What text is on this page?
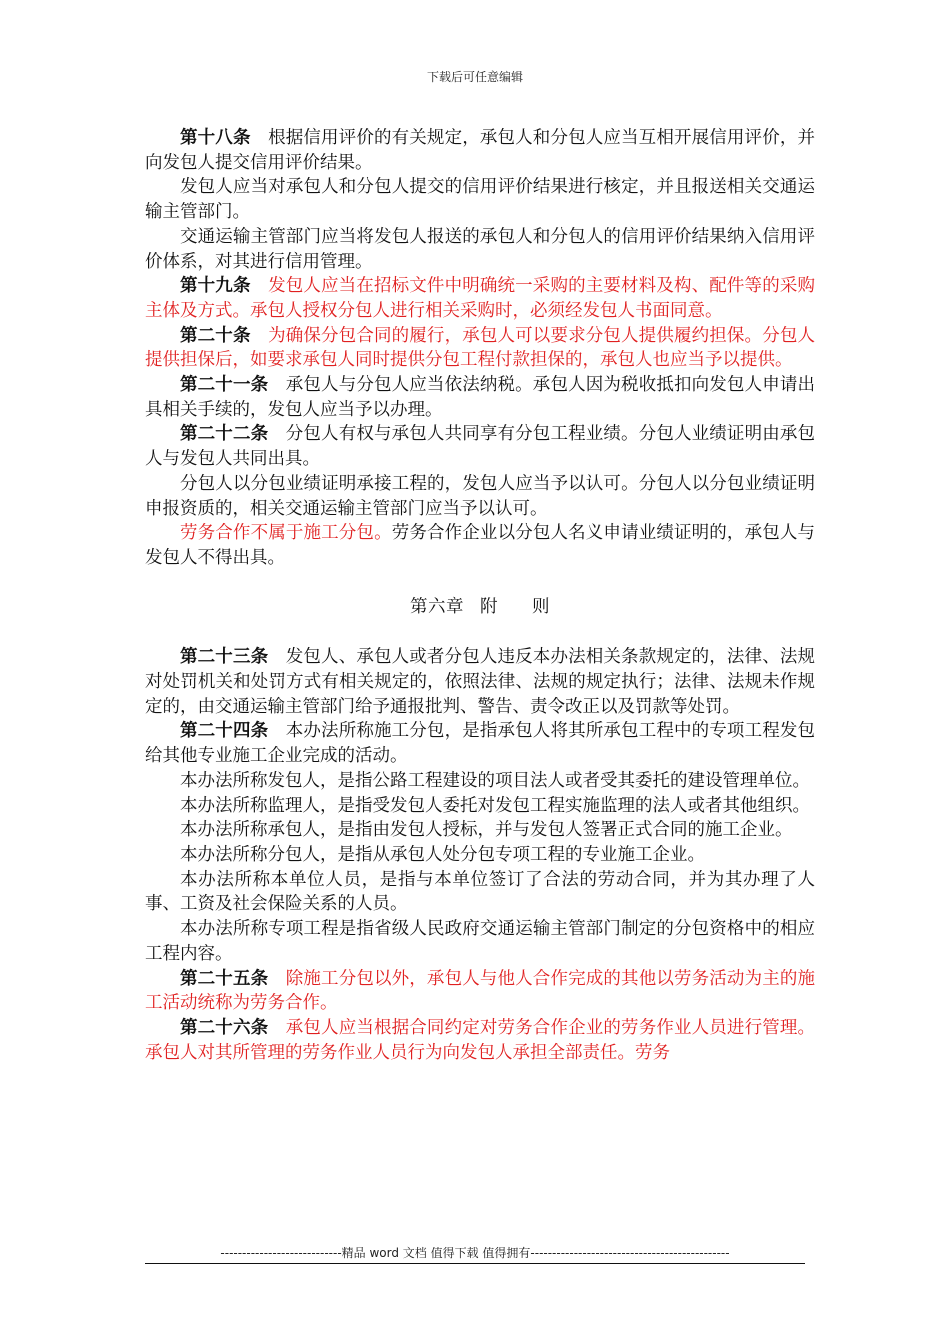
下载后可任意编辑

第十八条 根据信用评价的有关规定，承包人和分包人应当互相开展信用评价，并向发包人提交信用评价结果。

发包人应当对承包人和分包人提交的信用评价结果进行核定，并且报送相关交通运输主管部门。

交通运输主管部门应当将发包人报送的承包人和分包人的信用评价结果纳入信用评价体系，对其进行信用管理。

第十九条 发包人应当在招标文件中明确统一采购的主要材料及构、配件等的采购主体及方式。承包人授权分包人进行相关采购时，必须经发包人书面同意。

第二十条 为确保分包合同的履行，承包人可以要求分包人提供履约担保。分包人提供担保后，如要求承包人同时提供分包工程付款担保的，承包人也应当予以提供。

第二十一条 承包人与分包人应当依法纳税。承包人因为税收抵扣向发包人申请出具相关手续的，发包人应当予以办理。

第二十二条 分包人有权与承包人共同享有分包工程业绩。分包人业绩证明由承包人与发包人共同出具。

分包人以分包业绩证明承接工程的，发包人应当予以认可。分包人以分包业绩证明申报资质的，相关交通运输主管部门应当予以认可。

劳务合作不属于施工分包。劳务合作企业以分包人名义申请业绩证明的，承包人与发包人不得出具。

第六章 附 则

第二十三条 发包人、承包人或者分包人违反本办法相关条款规定的，法律、法规对处罚机关和处罚方式有相关规定的，依照法律、法规的规定执行；法律、法规未作规定的，由交通运输主管部门给予通报批判、警告、责令改正以及罚款等处罚。

第二十四条 本办法所称施工分包，是指承包人将其所承包工程中的专项工程发包给其他专业施工企业完成的活动。

本办法所称发包人，是指公路工程建设的项目法人或者受其委托的建设管理单位。

本办法所称监理人，是指受发包人委托对发包工程实施监理的法人或者其他组织。

本办法所称承包人，是指由发包人授标，并与发包人签署正式合同的施工企业。

本办法所称分包人，是指从承包人处分包专项工程的专业施工企业。

本办法所称本单位人员，是指与本单位签订了合法的劳动合同，并为其办理了人事、工资及社会保险关系的人员。

本办法所称专项工程是指省级人民政府交通运输主管部门制定的分包资格中的相应工程内容。

第二十五条 除施工分包以外，承包人与他人合作完成的其他以劳务活动为主的施工活动统称为劳务合作。

第二十六条 承包人应当根据合同约定对劳务合作企业的劳务作业人员进行管理。承包人对其所管理的劳务作业人员行为向发包人承担全部责任。劳务

----------------------------精品 word 文档 值得下载 值得拥有----------------------------------------------
